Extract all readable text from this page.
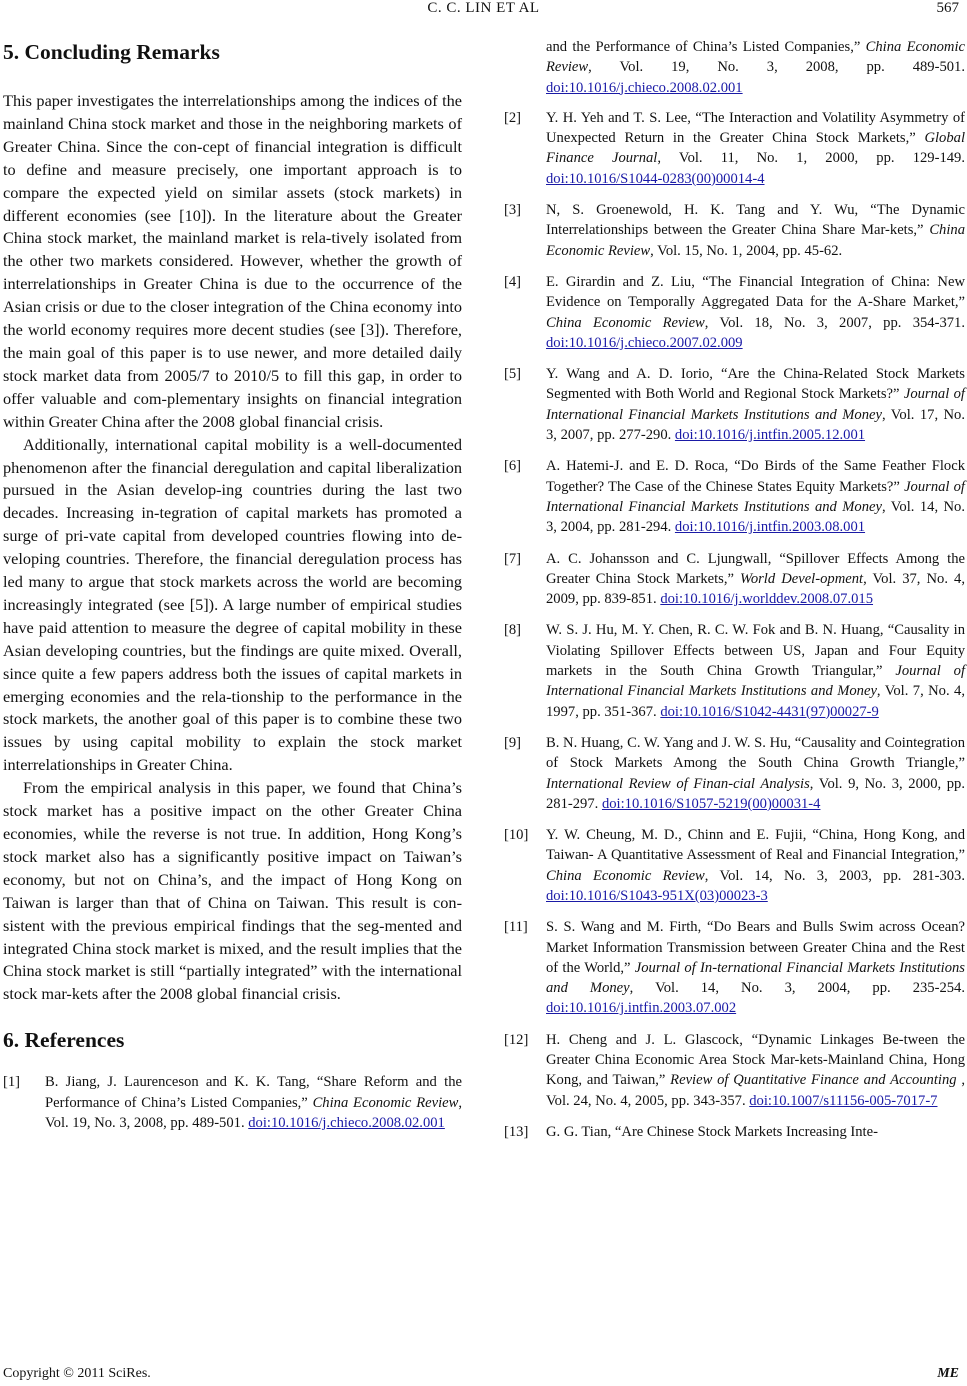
C. C. LIN ET AL	567
5. Concluding Remarks

This paper investigates the interrelationships among the indices of the mainland China stock market and those in the neighboring markets of Greater China. Since the con-cept of financial integration is difficult to define and measure precisely, one important approach is to compare the expected yield on similar assets (stock markets) in different economies (see [10]). In the literature about the Greater China stock market, the mainland market is rela-tively isolated from the other two markets considered. However, whether the growth of interrelationships in Greater China is due to the occurrence of the Asian crisis or due to the closer integration of the China economy into the world economy requires more decent studies (see [3]). Therefore, the main goal of this paper is to use newer, and more detailed daily stock market data from 2005/7 to 2010/5 to fill this gap, in order to offer valuable and com-plementary insights on financial integration within Greater China after the 2008 global financial crisis.

Additionally, international capital mobility is a well-documented phenomenon after the financial deregulation and capital liberalization pursued in the Asian develop-ing countries during the last two decades. Increasing in-tegration of capital markets has promoted a surge of pri-vate capital from developed countries flowing into de-veloping countries. Therefore, the financial deregulation process has led many to argue that stock markets across the world are becoming increasingly integrated (see [5]). A large number of empirical studies have paid attention to measure the degree of capital mobility in these Asian developing countries, but the findings are quite mixed. Overall, since quite a few papers address both the issues of capital markets in emerging economies and the rela-tionship to the performance in the stock markets, the another goal of this paper is to combine these two issues by using capital mobility to explain the stock market interrelationships in Greater China.

From the empirical analysis in this paper, we found that China’s stock market has a positive impact on the other Greater China economies, while the reverse is not true. In addition, Hong Kong’s stock market also has a significantly positive impact on Taiwan’s economy, but not on China’s, and the impact of Hong Kong on Taiwan is larger than that of China on Taiwan. This result is con-sistent with the previous empirical findings that the seg-mented and integrated China stock market is mixed, and the result implies that the China stock market is still “partially integrated” with the international stock mar-kets after the 2008 global financial crisis.

6. References
[1] B. Jiang, J. Laurenceson and K. K. Tang, “Share Reform and the Performance of China’s Listed Companies,” China Economic Review, Vol. 19, No. 3, 2008, pp. 489-501. doi:10.1016/j.chieco.2008.02.001
and the Performance of China’s Listed Companies,” China Economic Review, Vol. 19, No. 3, 2008, pp. 489-501. doi:10.1016/j.chieco.2008.02.001
[2] Y. H. Yeh and T. S. Lee, “The Interaction and Volatility Asymmetry of Unexpected Return in the Greater China Stock Markets,” Global Finance Journal, Vol. 11, No. 1, 2000, pp. 129-149. doi:10.1016/S1044-0283(00)00014-4
[3] N, S. Groenewold, H. K. Tang and Y. Wu, “The Dynamic Interrelationships between the Greater China Share Mar-kets,” China Economic Review, Vol. 15, No. 1, 2004, pp. 45-62.
[4] E. Girardin and Z. Liu, “The Financial Integration of China: New Evidence on Temporally Aggregated Data for the A-Share Market,” China Economic Review, Vol. 18, No. 3, 2007, pp. 354-371. doi:10.1016/j.chieco.2007.02.009
[5] Y. Wang and A. D. Iorio, “Are the China-Related Stock Markets Segmented with Both World and Regional Stock Markets?” Journal of International Financial Markets Institutions and Money, Vol. 17, No. 3, 2007, pp. 277-290. doi:10.1016/j.intfin.2005.12.001
[6] A. Hatemi-J. and E. D. Roca, “Do Birds of the Same Feather Flock Together? The Case of the Chinese States Equity Markets?” Journal of International Financial Markets Institutions and Money, Vol. 14, No. 3, 2004, pp. 281-294. doi:10.1016/j.intfin.2003.08.001
[7] A. C. Johansson and C. Ljungwall, “Spillover Effects Among the Greater China Stock Markets,” World Devel-opment, Vol. 37, No. 4, 2009, pp. 839-851. doi:10.1016/j.worlddev.2008.07.015
[8] W. S. J. Hu, M. Y. Chen, R. C. W. Fok and B. N. Huang, “Causality in Violating Spillover Effects between US, Japan and Four Equity markets in the South China Growth Triangular,” Journal of International Financial Markets Institutions and Money, Vol. 7, No. 4, 1997, pp. 351-367. doi:10.1016/S1042-4431(97)00027-9
[9] B. N. Huang, C. W. Yang and J. W. S. Hu, “Causality and Cointegration of Stock Markets Among the South China Growth Triangle,” International Review of Finan-cial Analysis, Vol. 9, No. 3, 2000, pp. 281-297. doi:10.1016/S1057-5219(00)00031-4
[10] Y. W. Cheung, M. D., Chinn and E. Fujii, “China, Hong Kong, and Taiwan- A Quantitative Assessment of Real and Financial Integration,” China Economic Review, Vol. 14, No. 3, 2003, pp. 281-303. doi:10.1016/S1043-951X(03)00023-3
[11] S. S. Wang and M. Firth, “Do Bears and Bulls Swim across Ocean? Market Information Transmission between Greater China and the Rest of the World,” Journal of In-ternational Financial Markets Institutions and Money, Vol. 14, No. 3, 2004, pp. 235-254. doi:10.1016/j.intfin.2003.07.002
[12] H. Cheng and J. L. Glascock, “Dynamic Linkages Be-tween the Greater China Economic Area Stock Mar-kets-Mainland China, Hong Kong, and Taiwan,” Review of Quantitative Finance and Accounting , Vol. 24, No. 4, 2005, pp. 343-357. doi:10.1007/s11156-005-7017-7
[13] G. G. Tian, “Are Chinese Stock Markets Increasing Inte-
Copyright © 2011 SciRes.	ME
